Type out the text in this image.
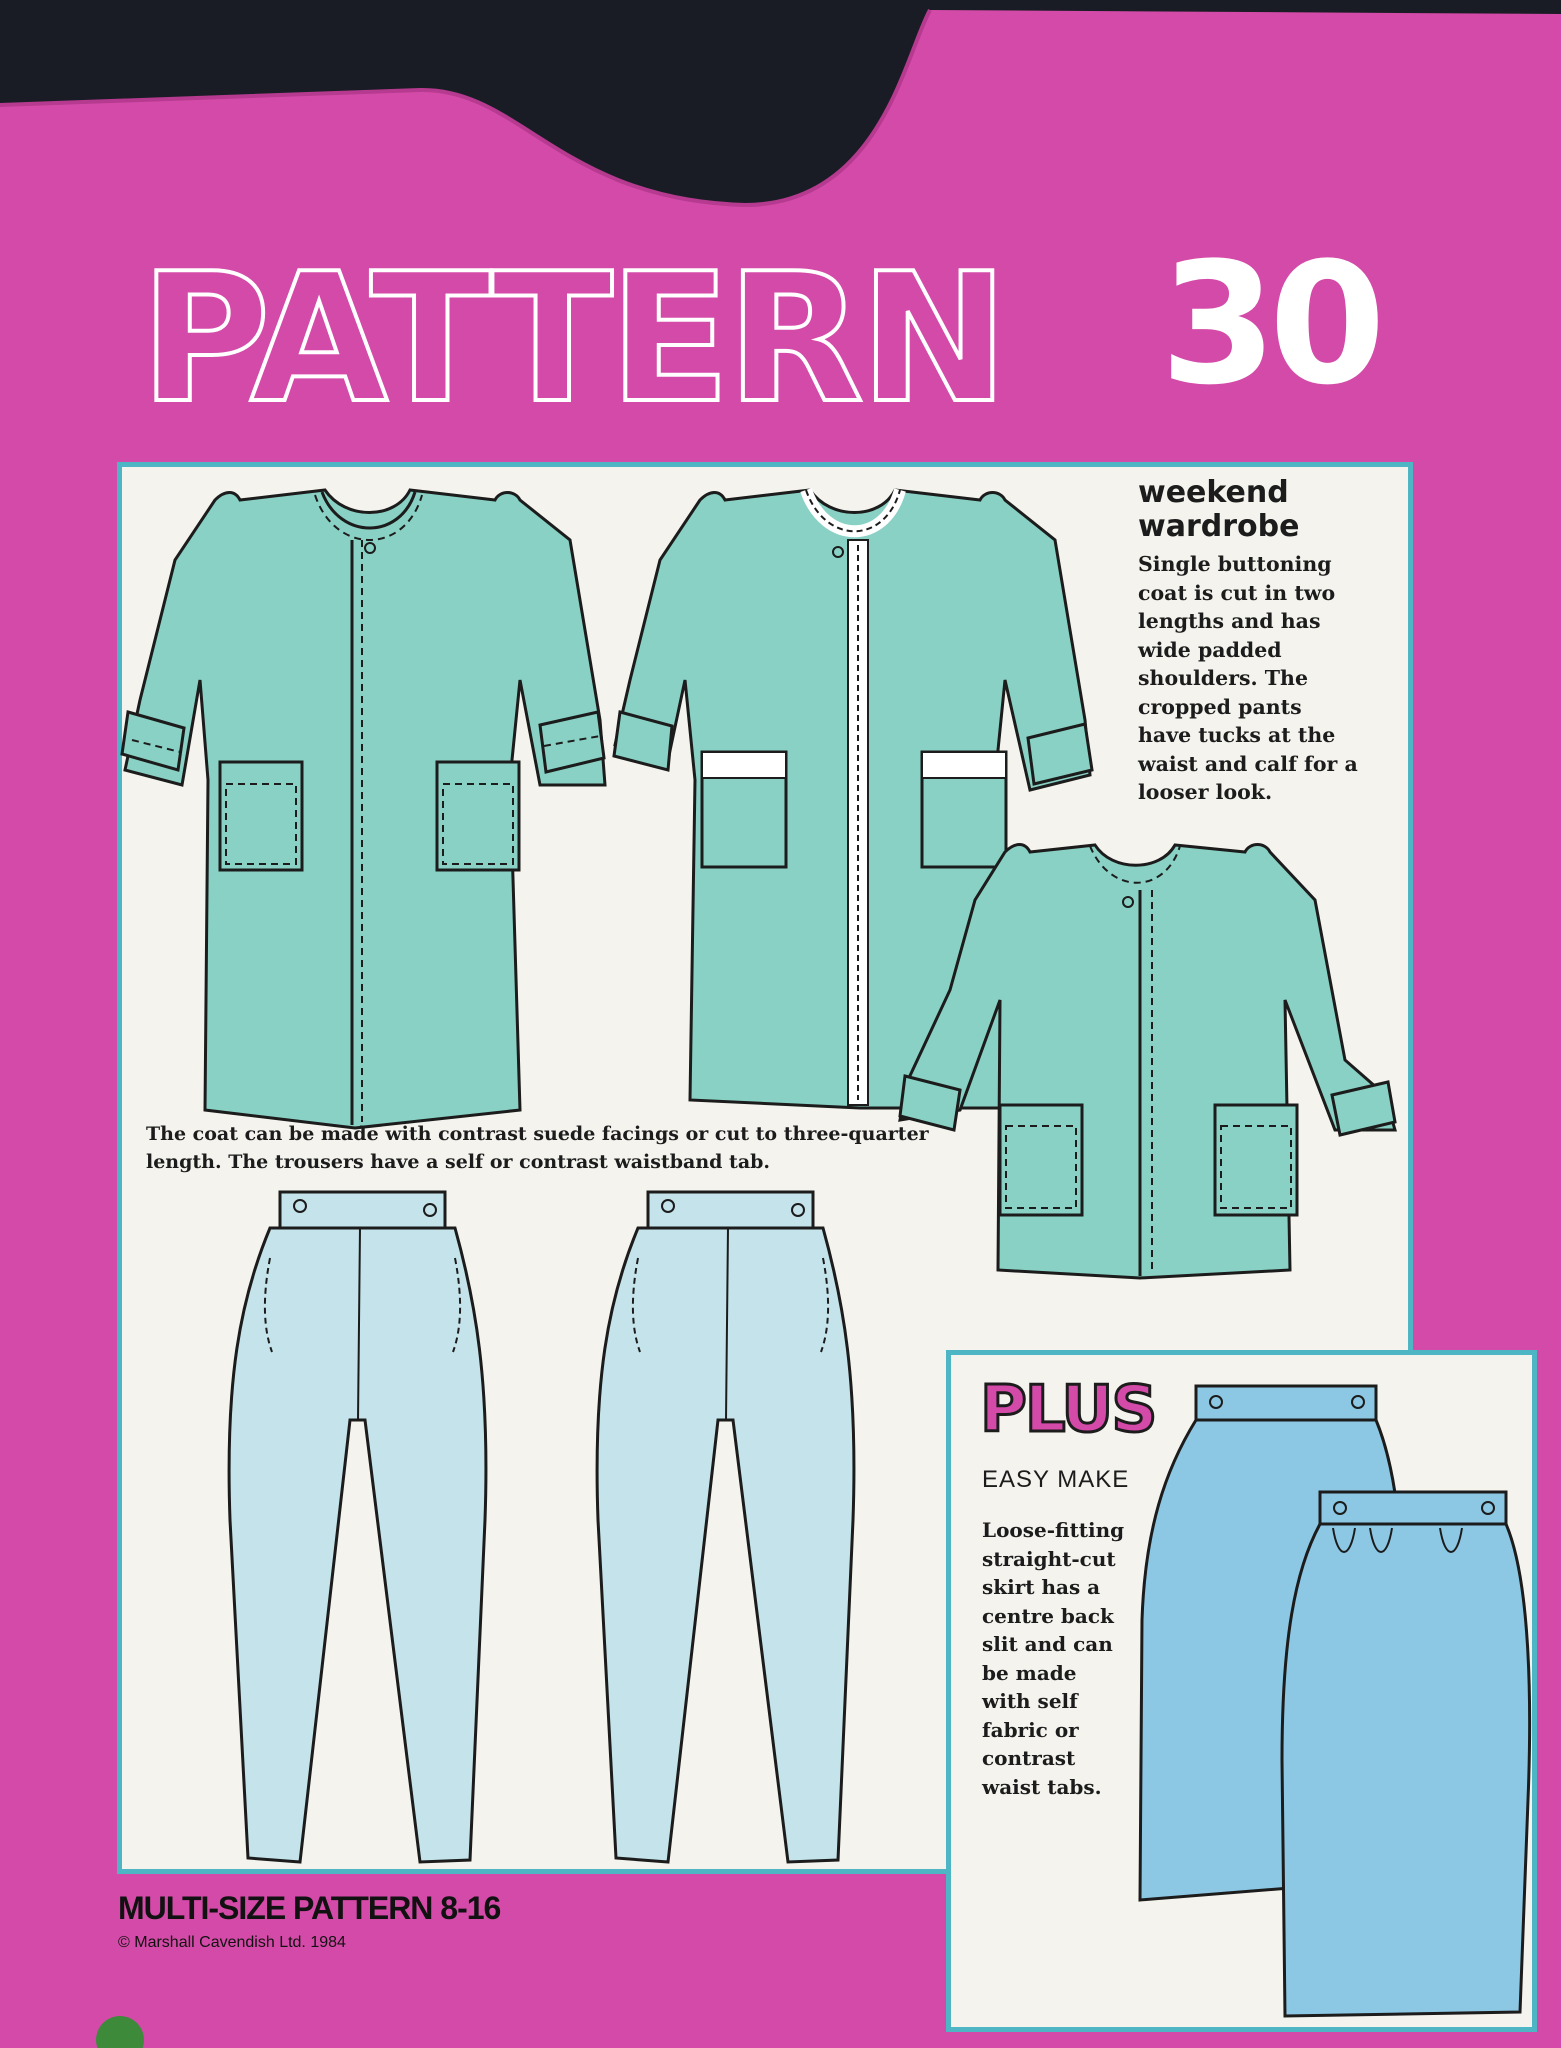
PATTERN 30
weekend
wardrobe
Single buttoning
coat is cut in two
lengths and has
wide padded
shoulders. The
cropped pants
have tucks at the
waist and calf for a
looser look.
The coat can be made with contrast suede facings or cut to three-quarter length. The trousers have a self or contrast waistband tab.
PLUS
EASY MAKE
Loose-fitting
straight-cut
skirt has a
centre back
slit and can
be made
with self
fabric or
contrast
waist tabs.
MULTI-SIZE PATTERN 8-16
© Marshall Cavendish Ltd. 1984
